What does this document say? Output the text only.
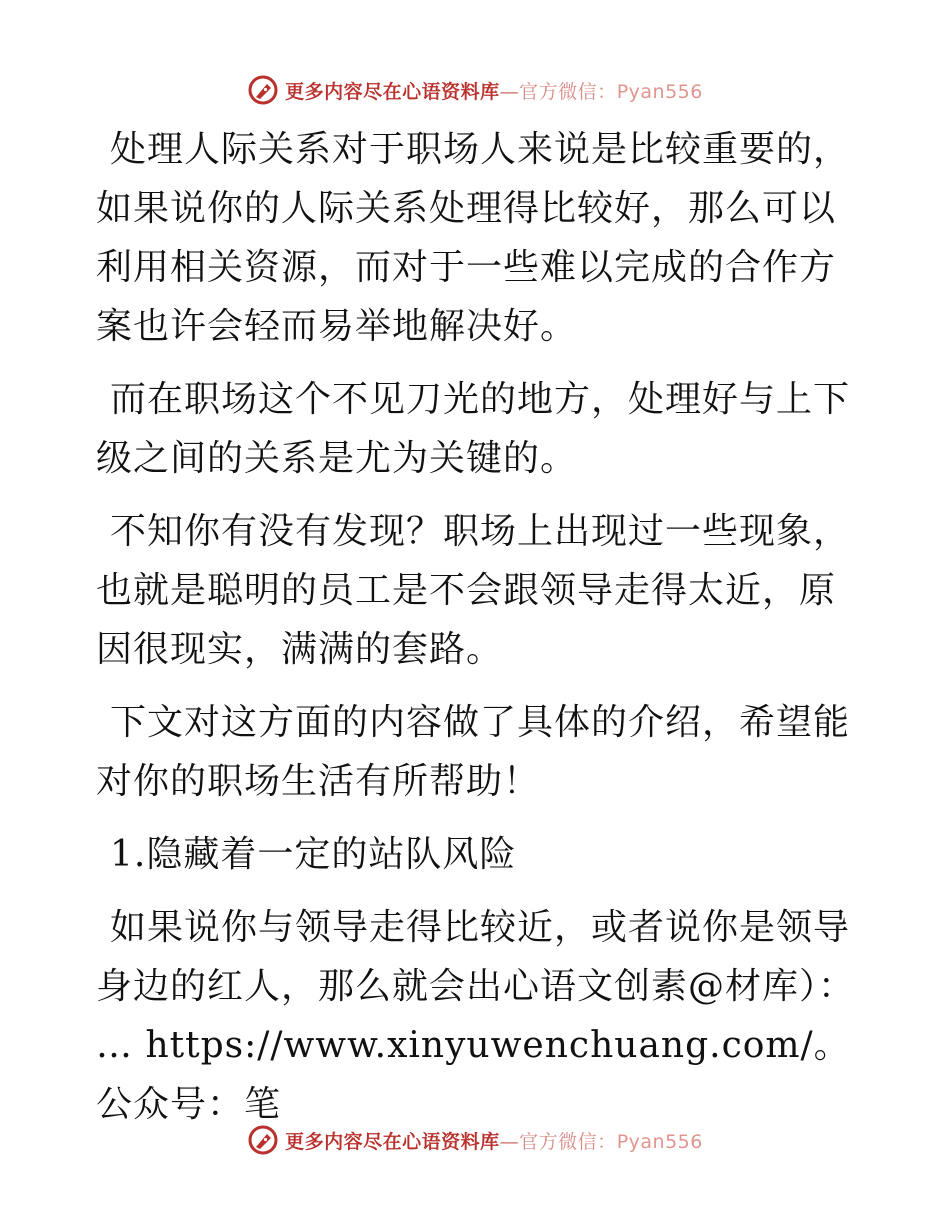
更多内容尽在心语资料库—官方微信：Pyan556

处理人际关系对于职场人来说是比较重要的，如果说你的人际关系处理得比较好，那么可以利用相关资源，而对于一些难以完成的合作方案也许会轻而易举地解决好。

而在职场这个不见刀光的地方，处理好与上下级之间的关系是尤为关键的。

不知你有没有发现？职场上出现过一些现象，也就是聪明的员工是不会跟领导走得太近，原因很现实，满满的套路。

下文对这方面的内容做了具体的介绍，希望能对你的职场生活有所帮助！

1.隐藏着一定的站队风险

如果说你与领导走得比较近，或者说你是领导身边的红人，那么就会出心语文创素@材库）： … https://www.xinyuwenchuang.com/。公众号：笔

更多内容尽在心语资料库—官方微信：Pyan556
